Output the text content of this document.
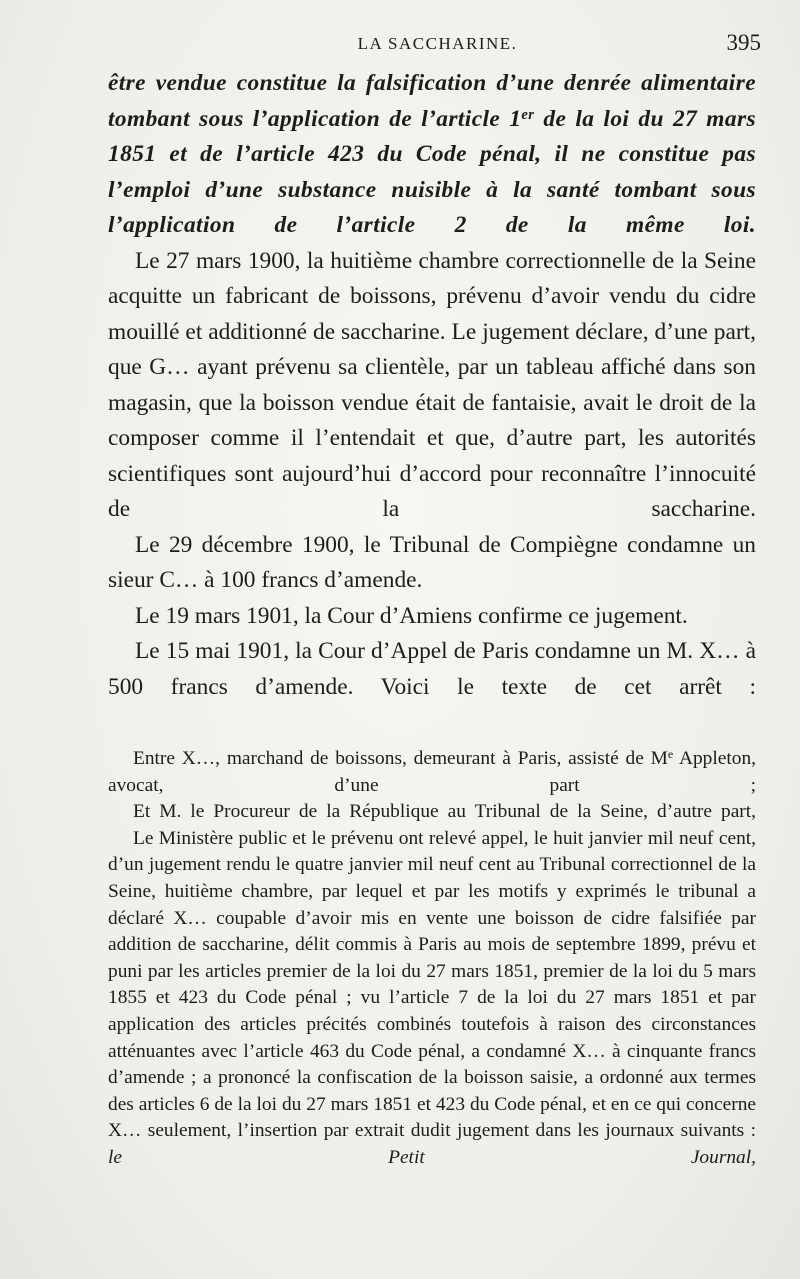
LA SACCHARINE.	395

être vendue constitue la falsification d’une denrée alimentaire tombant sous l’application de l’article 1er de la loi du 27 mars 1851 et de l’article 423 du Code pénal, il ne constitue pas l’emploi d’une substance nuisible à la santé tombant sous l’application de l’article 2 de la même loi.

Le 27 mars 1900, la huitième chambre correctionnelle de la Seine acquitte un fabricant de boissons, prévenu d’avoir vendu du cidre mouillé et additionné de saccharine. Le jugement déclare, d’une part, que G… ayant prévenu sa clientèle, par un tableau affiché dans son magasin, que la boisson vendue était de fantaisie, avait le droit de la composer comme il l’entendait et que, d’autre part, les autorités scientifiques sont aujourd’hui d’accord pour reconnaître l’innocuité de la saccharine.

Le 29 décembre 1900, le Tribunal de Compiègne condamne un sieur C… à 100 francs d’amende.

Le 19 mars 1901, la Cour d’Amiens confirme ce jugement.

Le 15 mai 1901, la Cour d’Appel de Paris condamne un M. X… à 500 francs d’amende. Voici le texte de cet arrêt :

Entre X…, marchand de boissons, demeurant à Paris, assisté de Me Appleton, avocat, d’une part ;

Et M. le Procureur de la République au Tribunal de la Seine, d’autre part,

Le Ministère public et le prévenu ont relevé appel, le huit janvier mil neuf cent, d’un jugement rendu le quatre janvier mil neuf cent au Tribunal correctionnel de la Seine, huitième chambre, par lequel et par les motifs y exprimés le tribunal a déclaré X… coupable d’avoir mis en vente une boisson de cidre falsifiée par addition de saccharine, délit commis à Paris au mois de septembre 1899, prévu et puni par les articles premier de la loi du 27 mars 1851, premier de la loi du 5 mars 1855 et 423 du Code pénal ; vu l’article 7 de la loi du 27 mars 1851 et par application des articles précités combinés toutefois à raison des circonstances atténuantes avec l’article 463 du Code pénal, a condamné X… à cinquante francs d’amende ; a prononcé la confiscation de la boisson saisie, a ordonné aux termes des articles 6 de la loi du 27 mars 1851 et 423 du Code pénal, et en ce qui concerne X… seulement, l’insertion par extrait dudit jugement dans les journaux suivants : le Petit Journal,
